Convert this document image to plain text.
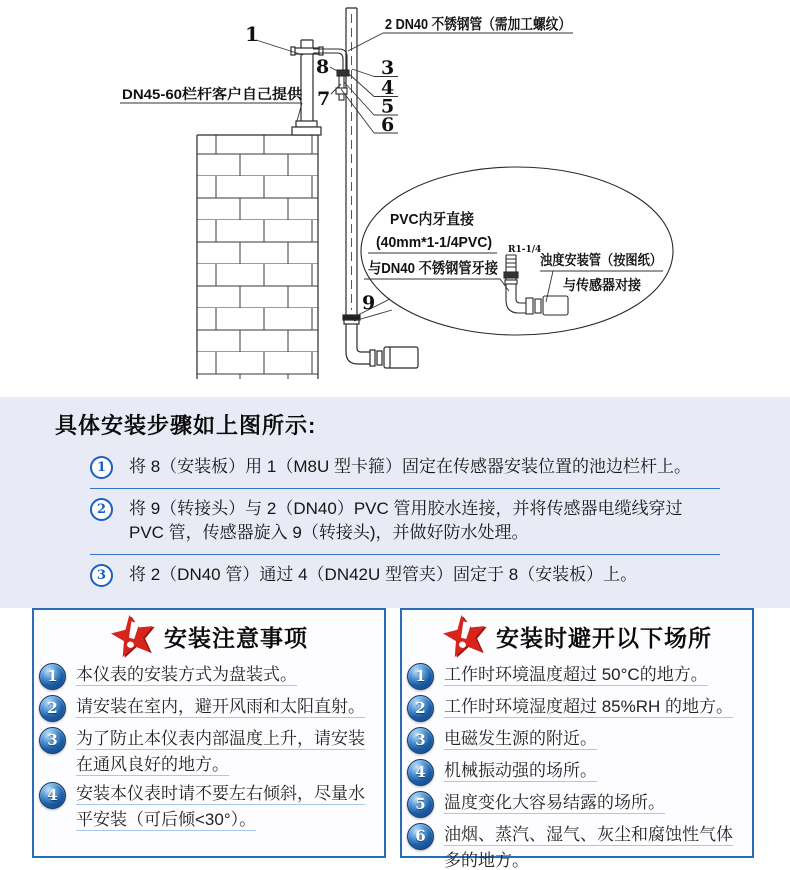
1
8
7
3
4
5
6
9
2 DN40 不锈钢管（需加工螺纹）
DN45-60栏杆客户自己提供
PVC内牙直接
(40mm*1-1/4PVC)
与DN40 不锈钢管牙接
R1-1/4
浊度安装管（按图纸）
与传感器对接
具体安装步骤如上图所示:
1	将 8（安装板）用 1（M8U 型卡箍）固定在传感器安装位置的池边栏杆上。
2	将 9（转接头）与 2（DN40）PVC 管用胶水连接，并将传感器电缆线穿过 PVC 管，传感器旋入 9（转接头)，并做好防水处理。
3	将 2（DN40 管）通过 4（DN42U 型管夹）固定于 8（安装板）上。
安装注意事项
1	本仪表的安装方式为盘装式。
2	请安装在室内，避开风雨和太阳直射。
3	为了防止本仪表内部温度上升，请安装在通风良好的地方。
4	安装本仪表时请不要左右倾斜，尽量水平安装（可后倾<30°）。
安装时避开以下场所
1	工作时环境温度超过 50°C的地方。
2	工作时环境湿度超过 85%RH 的地方。
3	电磁发生源的附近。
4	机械振动强的场所。
5	温度变化大容易结露的场所。
6	油烟、蒸汽、湿气、灰尘和腐蚀性气体多的地方。
